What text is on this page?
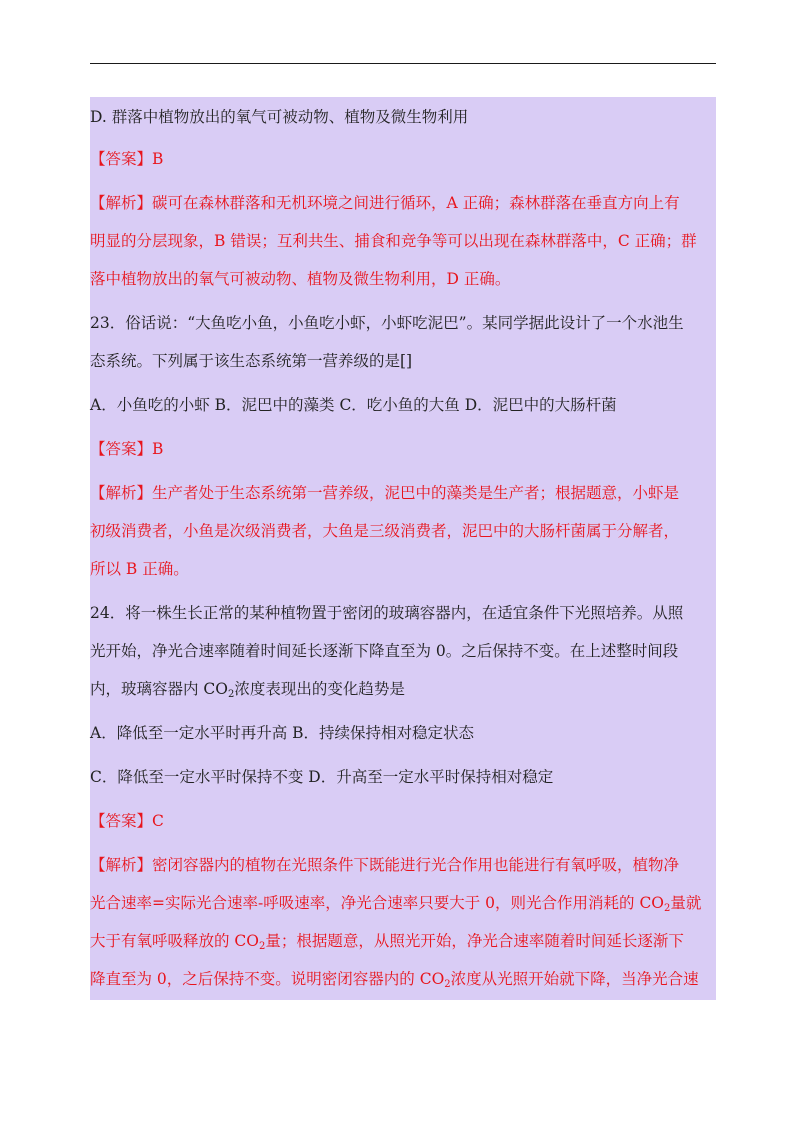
D. 群落中植物放出的氧气可被动物、植物及微生物利用
【答案】B
【解析】碳可在森林群落和无机环境之间进行循环，A 正确；森林群落在垂直方向上有
明显的分层现象，B 错误；互利共生、捕食和竞争等可以出现在森林群落中，C 正确；群
落中植物放出的氧气可被动物、植物及微生物利用，D 正确。
23．俗话说：“大鱼吃小鱼，小鱼吃小虾，小虾吃泥巴”。某同学据此设计了一个水池生
态系统。下列属于该生态系统第一营养级的是[]
A．小鱼吃的小虾 B．泥巴中的藻类 C．吃小鱼的大鱼 D．泥巴中的大肠杆菌
【答案】B
【解析】生产者处于生态系统第一营养级，泥巴中的藻类是生产者；根据题意，小虾是
初级消费者，小鱼是次级消费者，大鱼是三级消费者，泥巴中的大肠杆菌属于分解者，
所以 B 正确。
24．将一株生长正常的某种植物置于密闭的玻璃容器内，在适宜条件下光照培养。从照
光开始，净光合速率随着时间延长逐渐下降直至为 0。之后保持不变。在上述整时间段
内，玻璃容器内 $CO_2$浓度表现出的变化趋势是
A．降低至一定水平时再升高 B．持续保持相对稳定状态
C．降低至一定水平时保持不变 D．升高至一定水平时保持相对稳定
【答案】C
【解析】密闭容器内的植物在光照条件下既能进行光合作用也能进行有氧呼吸，植物净
光合速率=实际光合速率-呼吸速率，净光合速率只要大于 0，则光合作用消耗的 $CO_2$量就
大于有氧呼吸释放的 $CO_2$量；根据题意，从照光开始，净光合速率随着时间延长逐渐下
降直至为 0，之后保持不变。说明密闭容器内的 $CO_2$浓度从光照开始就下降，当净光合速
